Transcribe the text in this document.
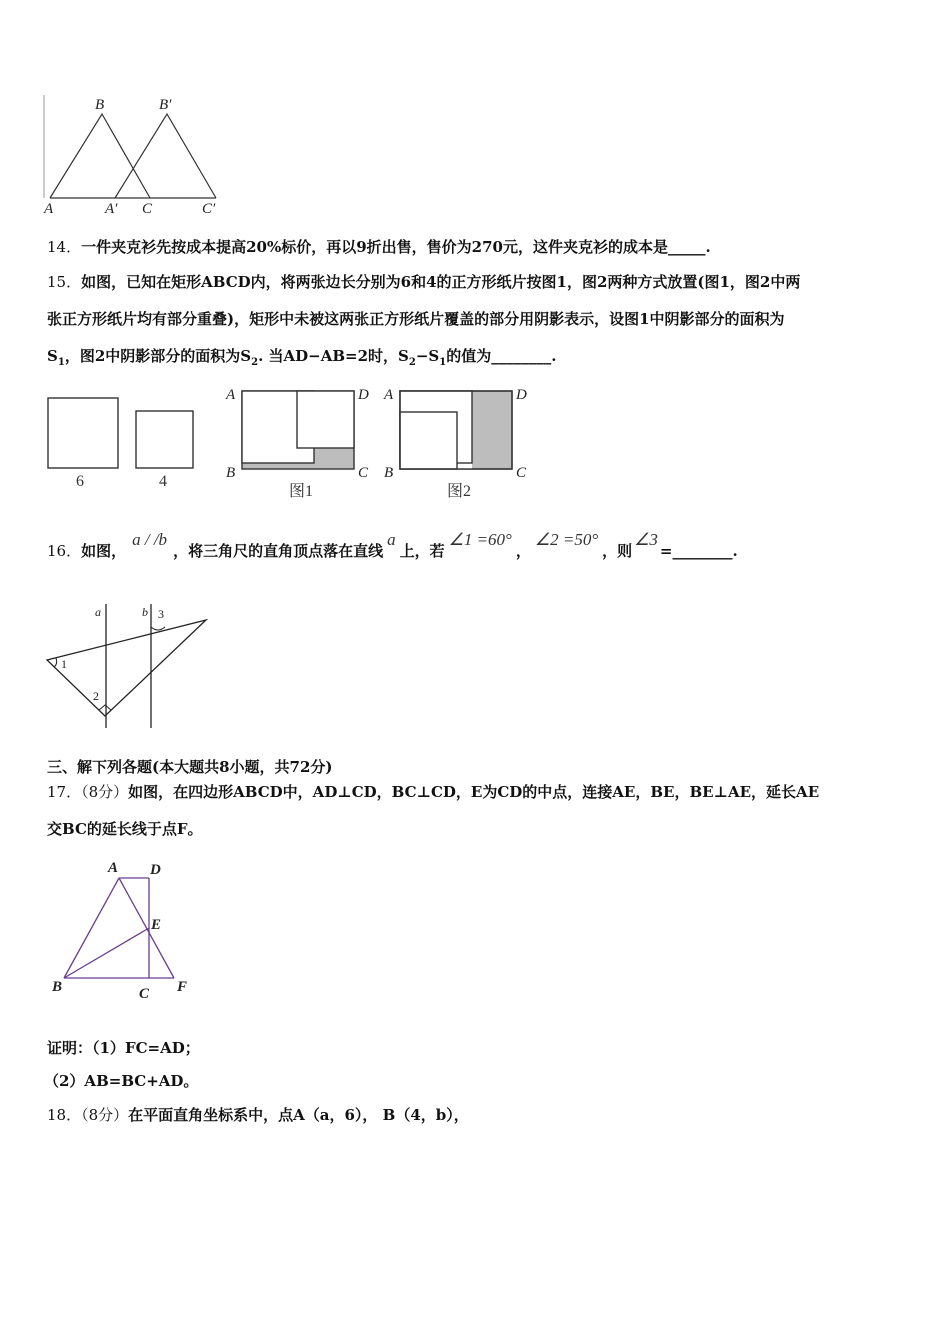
B	B′
A	A′ C	C′
14．一件夹克衫先按成本提高20%标价，再以9折出售，售价为270元，这件夹克衫的成本是_____.
15．如图，已知在矩形ABCD内，将两张边长分别为6和4的正方形纸片按图1，图2两种方式放置(图1，图2中两
张正方形纸片均有部分重叠)，矩形中未被这两张正方形纸片覆盖的部分用阴影表示，设图1中阴影部分的面积为
$S_1$，图2中阴影部分的面积为$S_2$. 当AD−AB=2时，$S_2-S_1$的值为________.
6	4
A	D
B	C
图1
A	D
B	C
图2
16．如图，a / /b，将三角尺的直角顶点落在直线a上，若∠1 =60°，∠2 =50°，则∠3=________.
a	b 3
1
2
三、解下列各题(本大题共8小题，共72分)
17．（8分）如图，在四边形ABCD中，AD⊥CD，BC⊥CD，E为CD的中点，连接AE，BE，BE⊥AE，延长AE
交BC的延长线于点F。
A D
E
B	C F
证明：（1）FC=AD；
（2）AB=BC+AD。
18．（8分）在平面直角坐标系中，点A（a，6）， B（4，b），
